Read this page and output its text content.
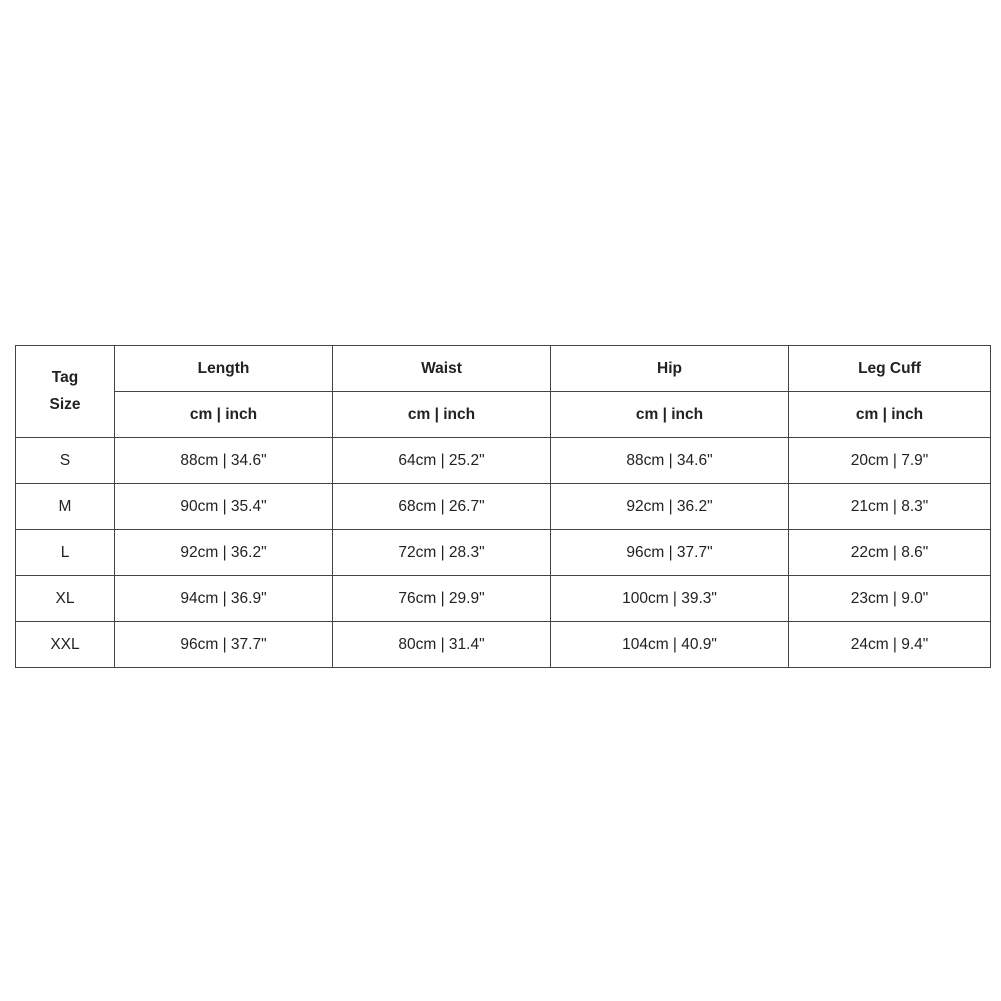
Tag
Size	Length	Waist	Hip	Leg Cuff
	cm | inch	cm | inch	cm | inch	cm | inch
S	88cm | 34.6"	64cm | 25.2"	88cm | 34.6"	20cm | 7.9"
M	90cm | 35.4"	68cm | 26.7"	92cm | 36.2"	21cm | 8.3"
L	92cm | 36.2"	72cm | 28.3"	96cm | 37.7"	22cm | 8.6"
XL	94cm | 36.9"	76cm | 29.9"	100cm | 39.3"	23cm | 9.0"
XXL	96cm | 37.7"	80cm | 31.4"	104cm | 40.9"	24cm | 9.4"
